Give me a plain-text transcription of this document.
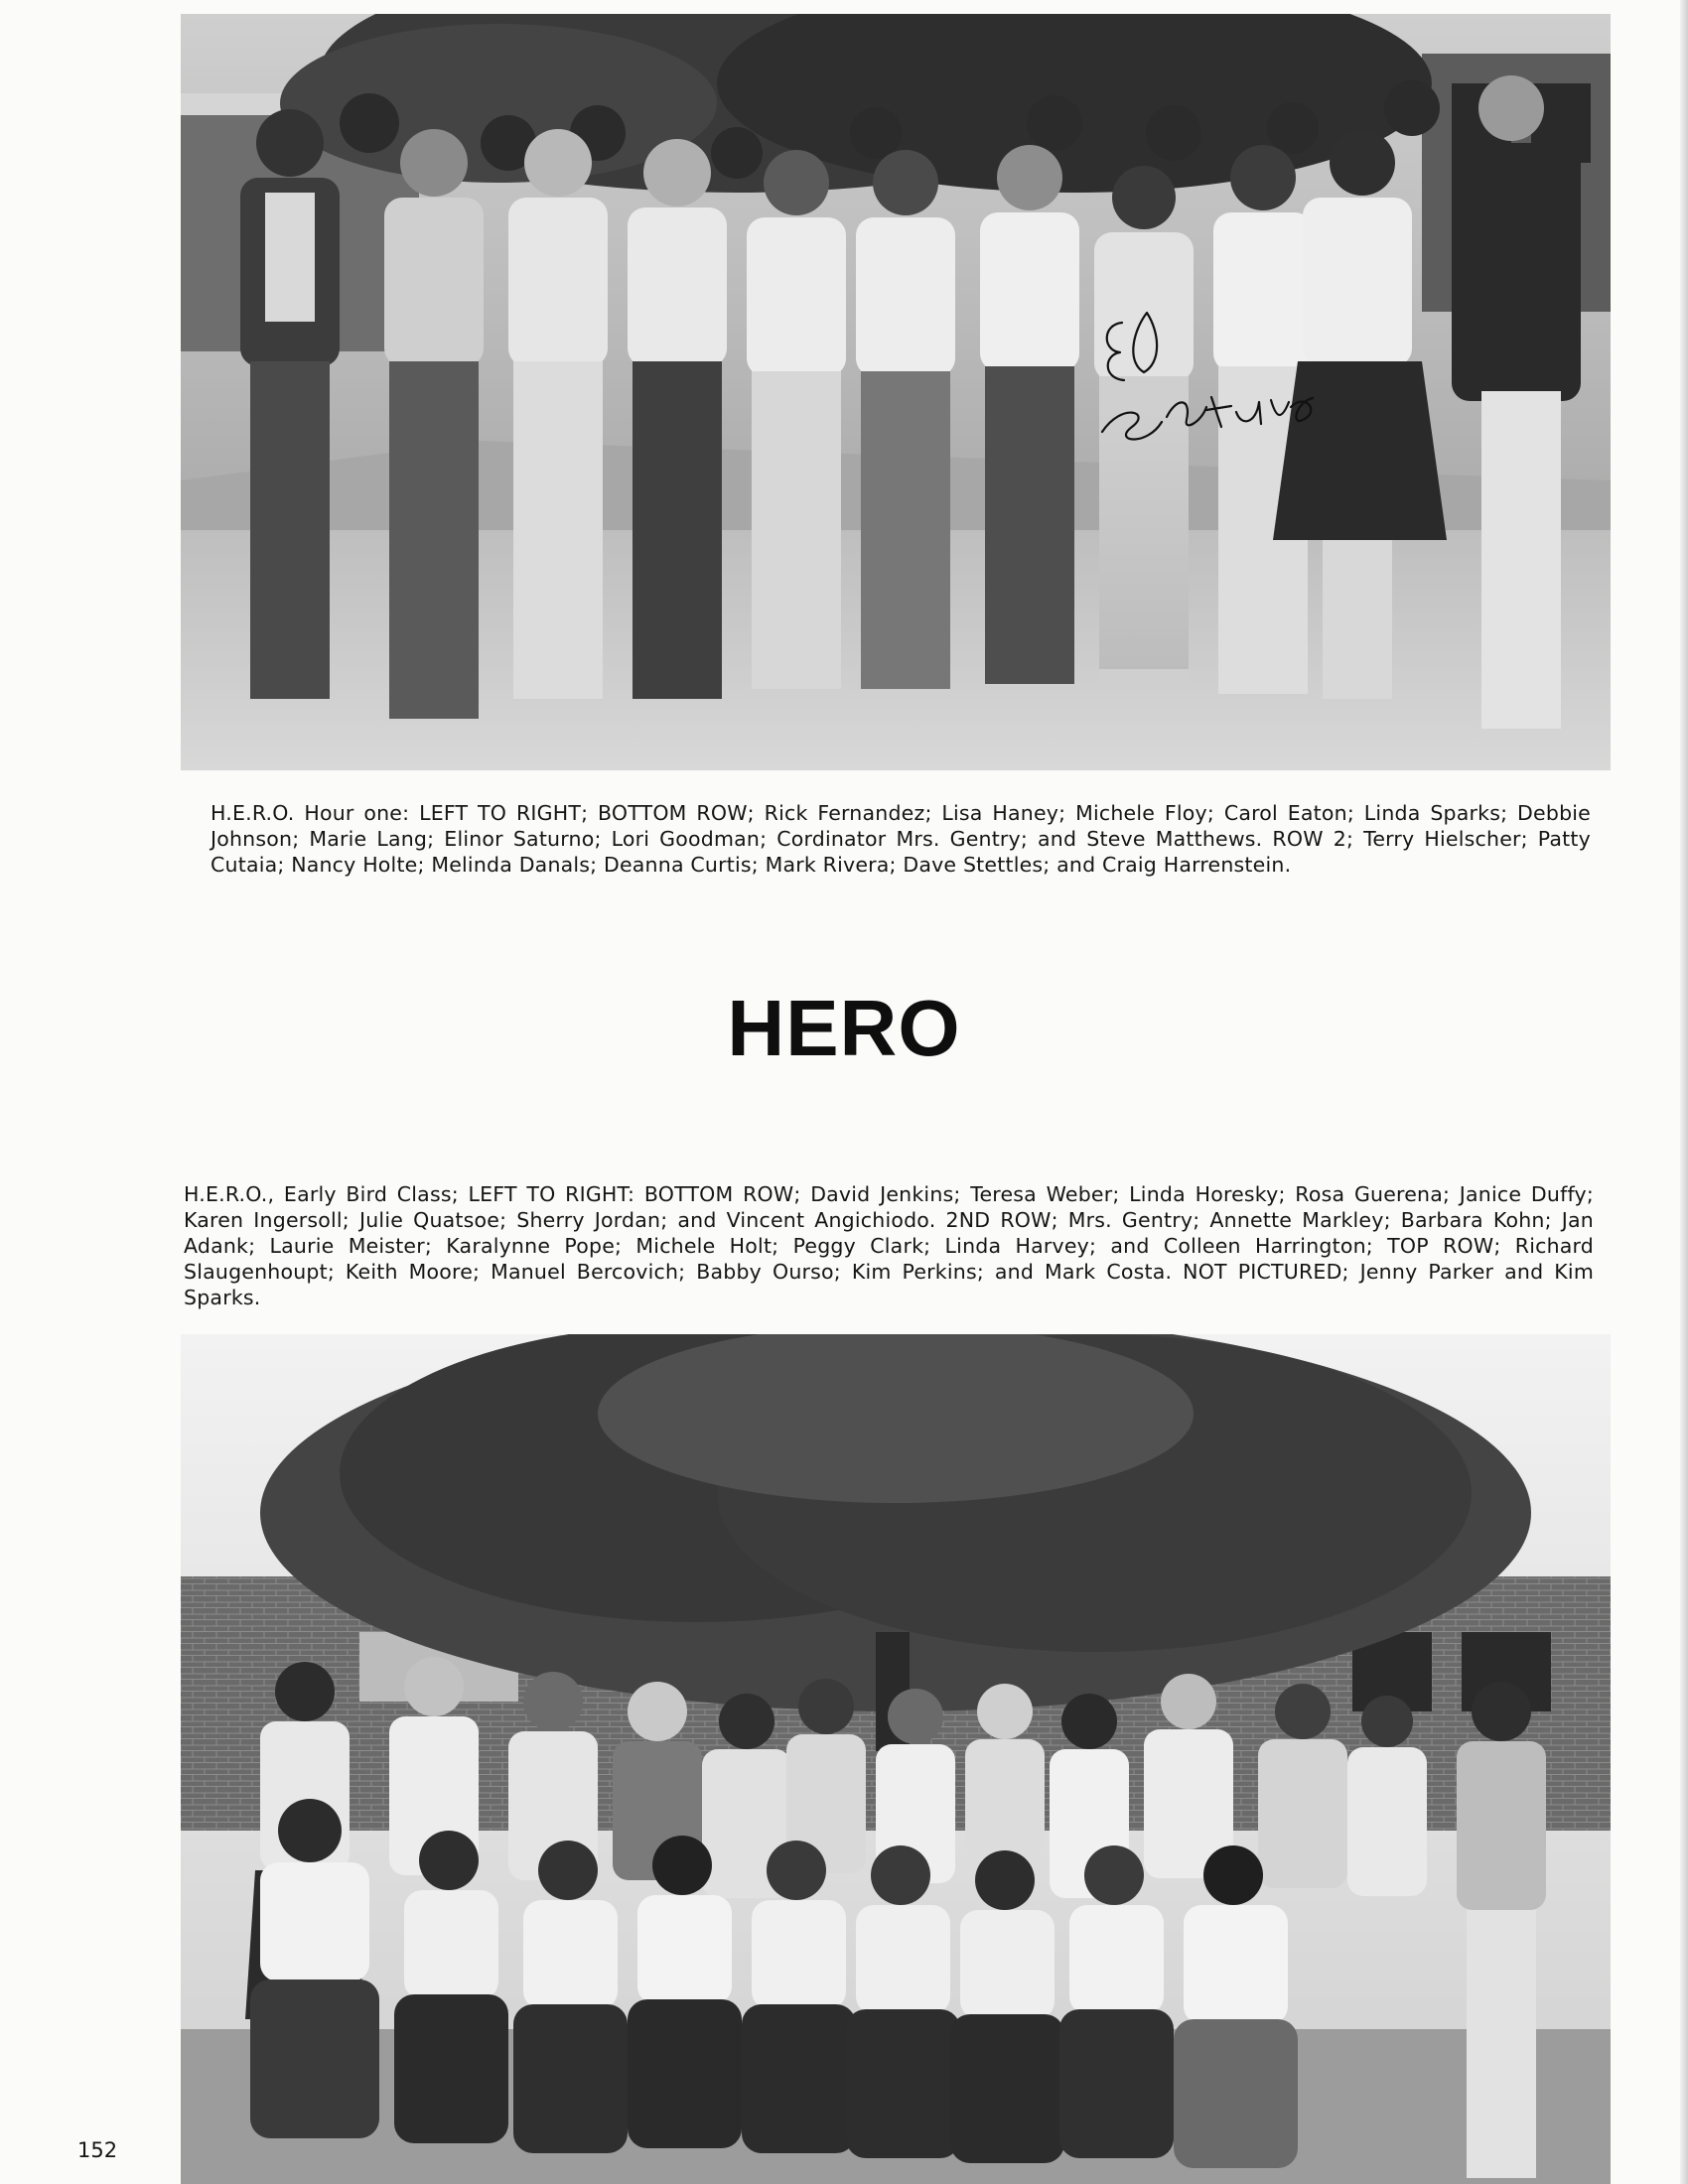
H.E.R.O. Hour one: LEFT TO RIGHT; BOTTOM ROW; Rick Fernandez; Lisa Haney; Michele Floy; Carol Eaton; Linda Sparks; Debbie Johnson; Marie Lang; Elinor Saturno; Lori Goodman; Cordinator Mrs. Gentry; and Steve Matthews. ROW 2; Terry Hielscher; Patty Cutaia; Nancy Holte; Melinda Danals; Deanna Curtis; Mark Rivera; Dave Stettles; and Craig Harrenstein.
HERO
H.E.R.O., Early Bird Class; LEFT TO RIGHT: BOTTOM ROW; David Jenkins; Teresa Weber; Linda Horesky; Rosa Guerena; Janice Duffy; Karen Ingersoll; Julie Quatsoe; Sherry Jordan; and Vincent Angichiodo. 2ND ROW; Mrs. Gentry; Annette Markley; Barbara Kohn; Jan Adank; Laurie Meister; Karalynne Pope; Michele Holt; Peggy Clark; Linda Harvey; and Colleen Harrington; TOP ROW; Richard Slaugenhoupt; Keith Moore; Manuel Bercovich; Babby Ourso; Kim Perkins; and Mark Costa. NOT PICTURED; Jenny Parker and Kim Sparks.
152
